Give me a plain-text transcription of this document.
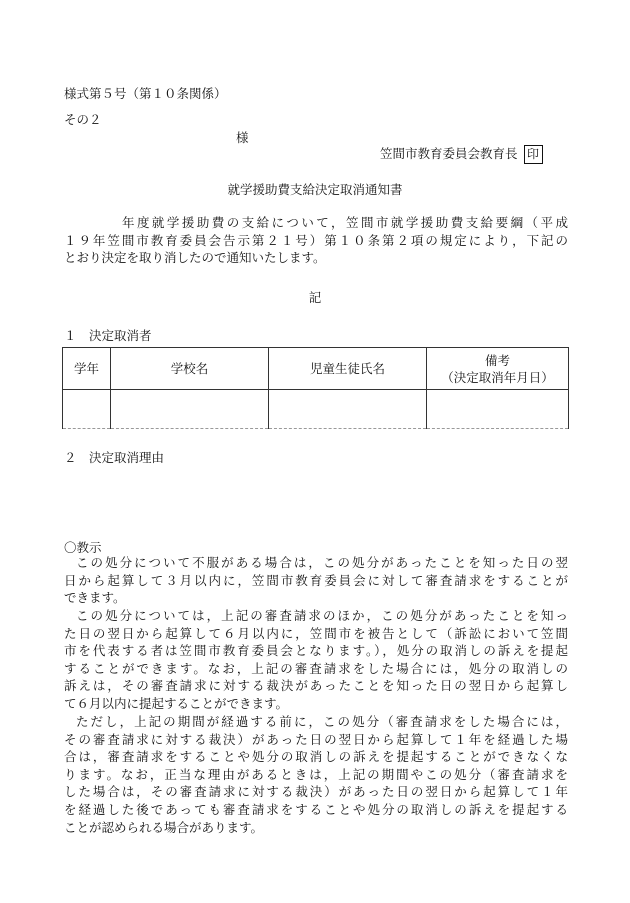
様式第５号（第１０条関係）
その２
様
笠間市教育委員会教育長 印
就学援助費支給決定取消通知書
年度就学援助費の支給について，笠間市就学援助費支給要綱（平成
１９年笠間市教育委員会告示第２１号）第１０条第２項の規定により，下記の
とおり決定を取り消したので通知いたします。
記
１　決定取消者
学年	学校名	児童生徒氏名	備考
（決定取消年月日）

２　決定取消理由
〇教示
この処分について不服がある場合は，この処分があったことを知った日の翌
日から起算して３月以内に，笠間市教育委員会に対して審査請求をすることが
できます。
この処分については，上記の審査請求のほか，この処分があったことを知っ
た日の翌日から起算して６月以内に，笠間市を被告として（訴訟において笠間
市を代表する者は笠間市教育委員会となります。），処分の取消しの訴えを提起
することができます。なお，上記の審査請求をした場合には，処分の取消しの
訴えは，その審査請求に対する裁決があったことを知った日の翌日から起算し
て６月以内に提起することができます。
ただし，上記の期間が経過する前に，この処分（審査請求をした場合には，
その審査請求に対する裁決）があった日の翌日から起算して１年を経過した場
合は，審査請求をすることや処分の取消しの訴えを提起することができなくな
ります。なお，正当な理由があるときは，上記の期間やこの処分（審査請求を
した場合は，その審査請求に対する裁決）があった日の翌日から起算して１年
を経過した後であっても審査請求をすることや処分の取消しの訴えを提起する
ことが認められる場合があります。
